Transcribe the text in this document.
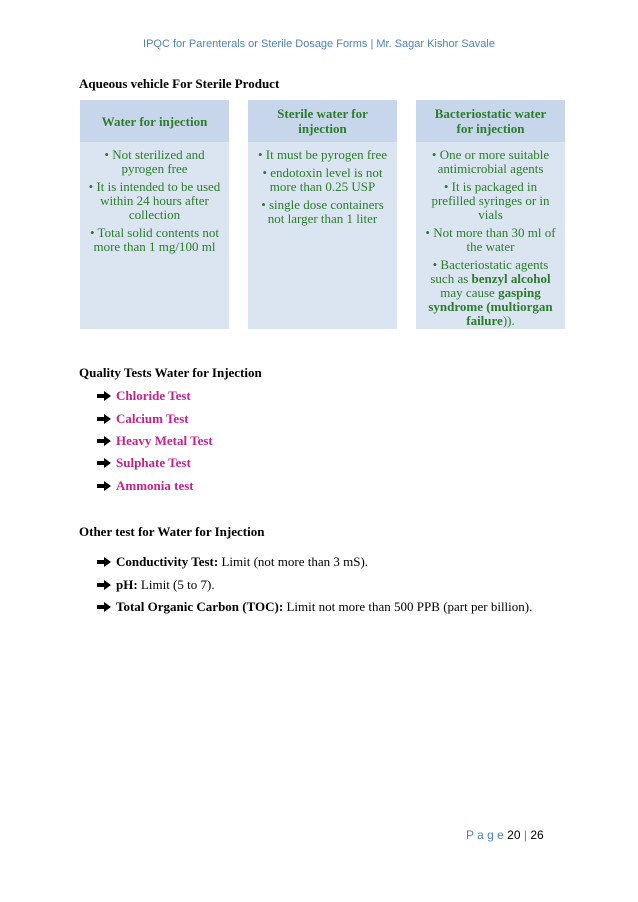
IPQC for Parenterals or Sterile Dosage Forms | Mr. Sagar Kishor Savale
Aqueous vehicle For Sterile Product
Water for injection
• Not sterilized and pyrogen free
• It is intended to be used within 24 hours after collection
• Total solid contents not more than 1 mg/100 ml
Sterile water for injection
• It must be pyrogen free
• endotoxin level is not more than 0.25 USP
• single dose containers not larger than 1 liter
Bacteriostatic water for injection
• One or more suitable antimicrobial agents
• It is packaged in prefilled syringes or in vials
• Not more than 30 ml of the water
• Bacteriostatic agents such as benzyl alcohol may cause gasping syndrome (multiorgan failure)).
Quality Tests Water for Injection
Chloride Test
Calcium Test
Heavy Metal Test
Sulphate Test
Ammonia test
Other test for Water for Injection
Conductivity Test: Limit (not more than 3 mS).
pH: Limit (5 to 7).
Total Organic Carbon (TOC): Limit not more than 500 PPB (part per billion).
P a g e 20 | 26
